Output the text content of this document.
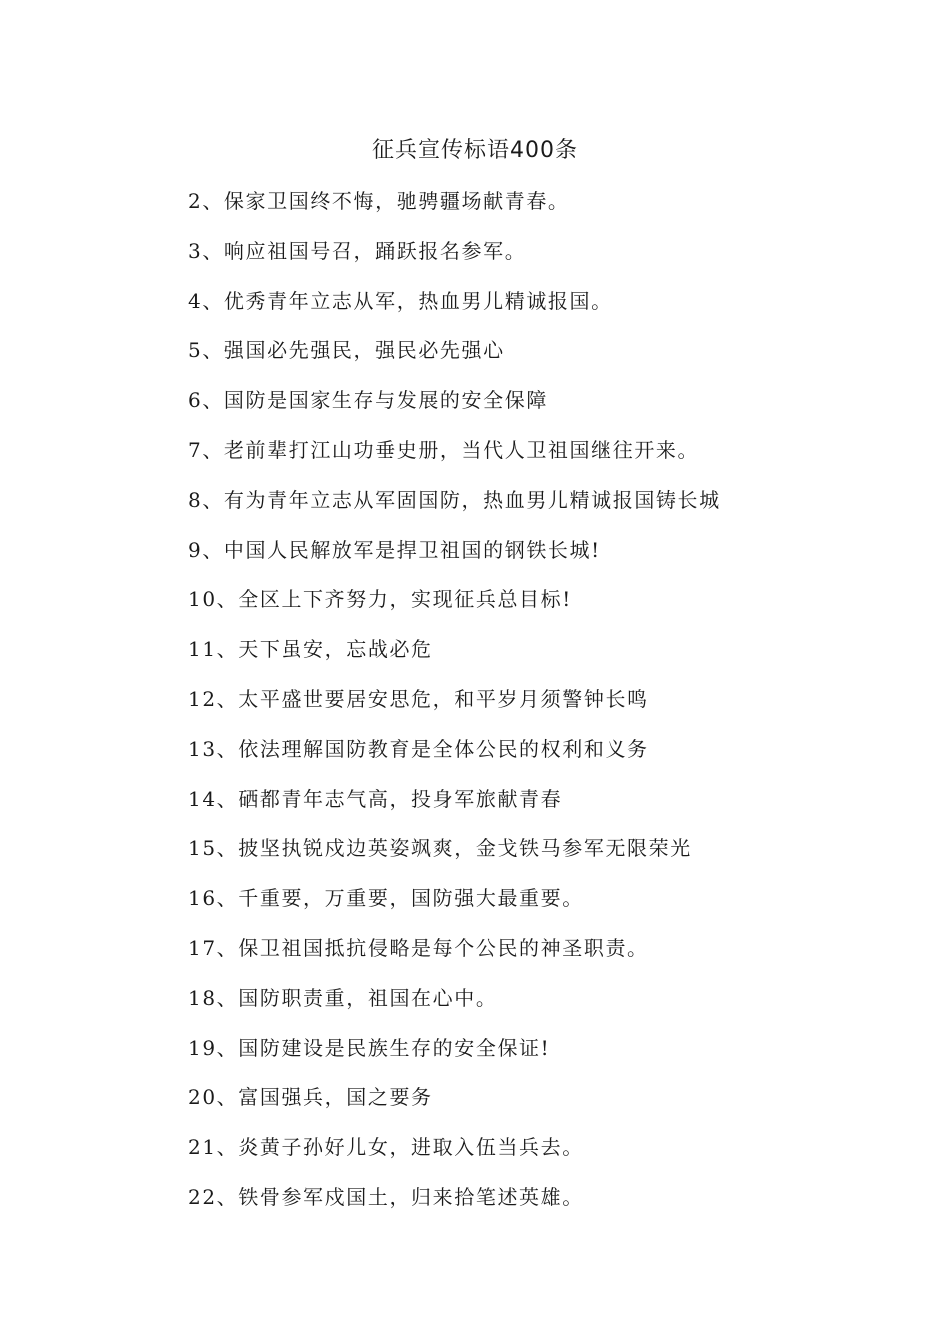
征兵宣传标语400条
2、保家卫国终不悔，驰骋疆场献青春。
3、响应祖国号召，踊跃报名参军。
4、优秀青年立志从军，热血男儿精诚报国。
5、强国必先强民，强民必先强心
6、国防是国家生存与发展的安全保障
7、老前辈打江山功垂史册，当代人卫祖国继往开来。
8、有为青年立志从军固国防，热血男儿精诚报国铸长城
9、中国人民解放军是捍卫祖国的钢铁长城!
10、全区上下齐努力，实现征兵总目标!
11、天下虽安，忘战必危
12、太平盛世要居安思危，和平岁月须警钟长鸣
13、依法理解国防教育是全体公民的权利和义务
14、硒都青年志气高，投身军旅献青春
15、披坚执锐戍边英姿飒爽，金戈铁马参军无限荣光
16、千重要，万重要，国防强大最重要。
17、保卫祖国抵抗侵略是每个公民的神圣职责。
18、国防职责重，祖国在心中。
19、国防建设是民族生存的安全保证!
20、富国强兵，国之要务
21、炎黄子孙好儿女，进取入伍当兵去。
22、铁骨参军戍国土，归来拾笔述英雄。
